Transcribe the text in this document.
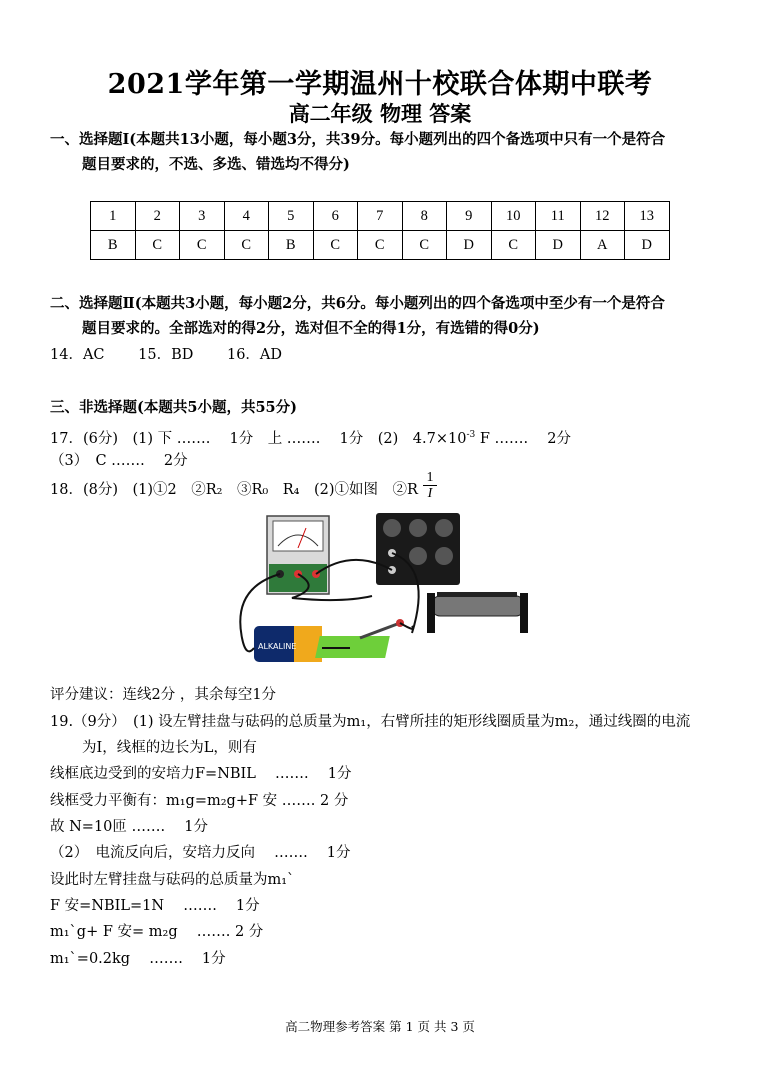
2021学年第一学期温州十校联合体期中联考
高二年级 物理 答案
一、选择题Ⅰ(本题共13小题，每小题3分，共39分。每小题列出的四个备选项中只有一个是符合
题目要求的，不选、多选、错选均不得分)
1	2	3	4	5	6	7	8	9	10	11	12	13
B	C	C	C	B	C	C	C	D	C	D	A	D
二、选择题Ⅱ(本题共3小题，每小题2分，共6分。每小题列出的四个备选项中至少有一个是符合
题目要求的。全部选对的得2分，选对但不全的得1分，有选错的得0分)
14．AC　　 15．BD　　 16．AD
三、非选择题(本题共5小题，共55分)
17．(6分)　(1) 下 …….　 1分　上 …….　 1分　(2)　$4.7\times 10^{-3}$ F …….　 2分
（3）　C …….　 2分
18．(8分)　(1)①2　②R₂　③R₀　R₄　(2)①如图　②R $\frac{1}{I}$
ALKALINE
评分建议：连线2分 ，其余每空1分
19.（9分）　(1) 设左臂挂盘与砝码的总质量为m₁，右臂所挂的矩形线圈质量为m₂，通过线圈的电流
为I，线框的边长为L，则有
线框底边受到的安培力F=NBIL　 …….　 1分
线框受力平衡有：m₁g=m₂g+F 安 ……. 2 分
故 N=10匝 …….　 1分
（2）　电流反向后，安培力反向　 …….　 1分
设此时左臂挂盘与砝码的总质量为m₁`
F 安=NBIL=1N　 …….　 1分
m₁`g+ F 安= m₂g　 ……. 2 分
m₁`=0.2kg　 …….　 1分
高二物理参考答案 第 1 页 共 3 页
